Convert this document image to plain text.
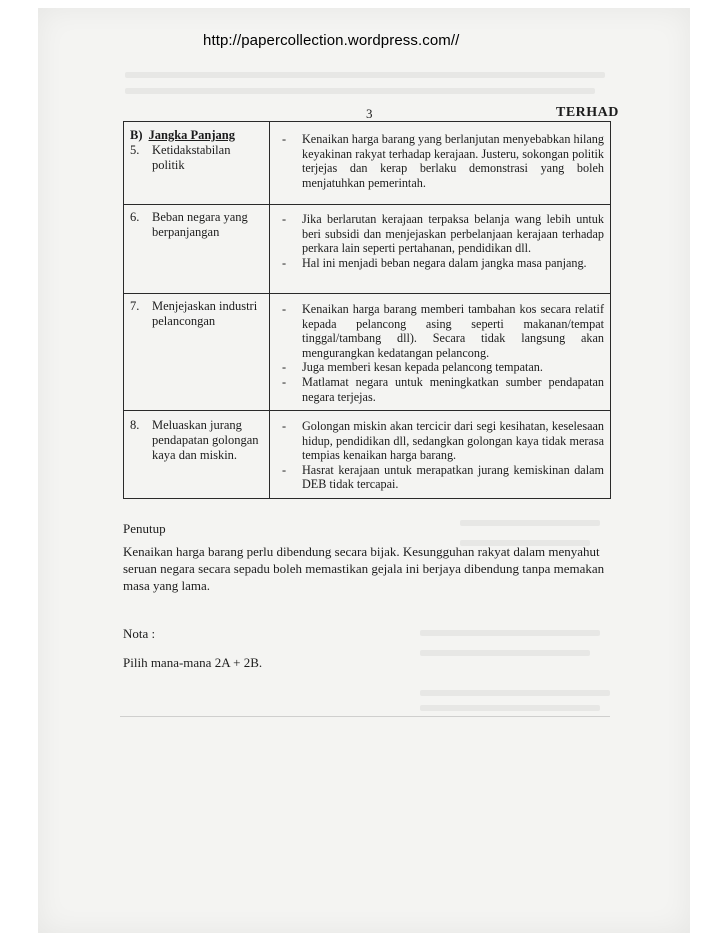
http://papercollection.wordpress.com//
3	TERHAD
B) Jangka Panjang
5. Ketidakstabilan
politik
- Kenaikan harga barang yang berlanjutan menyebabkan hilang keyakinan rakyat terhadap kerajaan. Justeru, sokongan politik terjejas dan kerap berlaku demonstrasi yang boleh menjatuhkan pemerintah.
6. Beban negara yang
berpanjangan
- Jika berlarutan kerajaan terpaksa belanja wang lebih untuk beri subsidi dan menjejaskan perbelanjaan kerajaan terhadap perkara lain seperti pertahanan, pendidikan dll.
- Hal ini menjadi beban negara dalam jangka masa panjang.
7. Menjejaskan industri
pelancongan
- Kenaikan harga barang memberi tambahan kos secara relatif kepada pelancong asing seperti makanan/tempat tinggal/tambang dll). Secara tidak langsung akan mengurangkan kedatangan pelancong.
- Juga memberi kesan kepada pelancong tempatan.
- Matlamat negara untuk meningkatkan sumber pendapatan negara terjejas.
8. Meluaskan jurang
pendapatan golongan
kaya dan miskin.
- Golongan miskin akan tercicir dari segi kesihatan, keselesaan hidup, pendidikan dll, sedangkan golongan kaya tidak merasa tempias kenaikan harga barang.
- Hasrat kerajaan untuk merapatkan jurang kemiskinan dalam DEB tidak tercapai.
Penutup
Kenaikan harga barang perlu dibendung secara bijak. Kesungguhan rakyat dalam menyahut seruan negara secara sepadu boleh memastikan gejala ini berjaya dibendung tanpa memakan masa yang lama.
Nota :
Pilih mana-mana 2A + 2B.
